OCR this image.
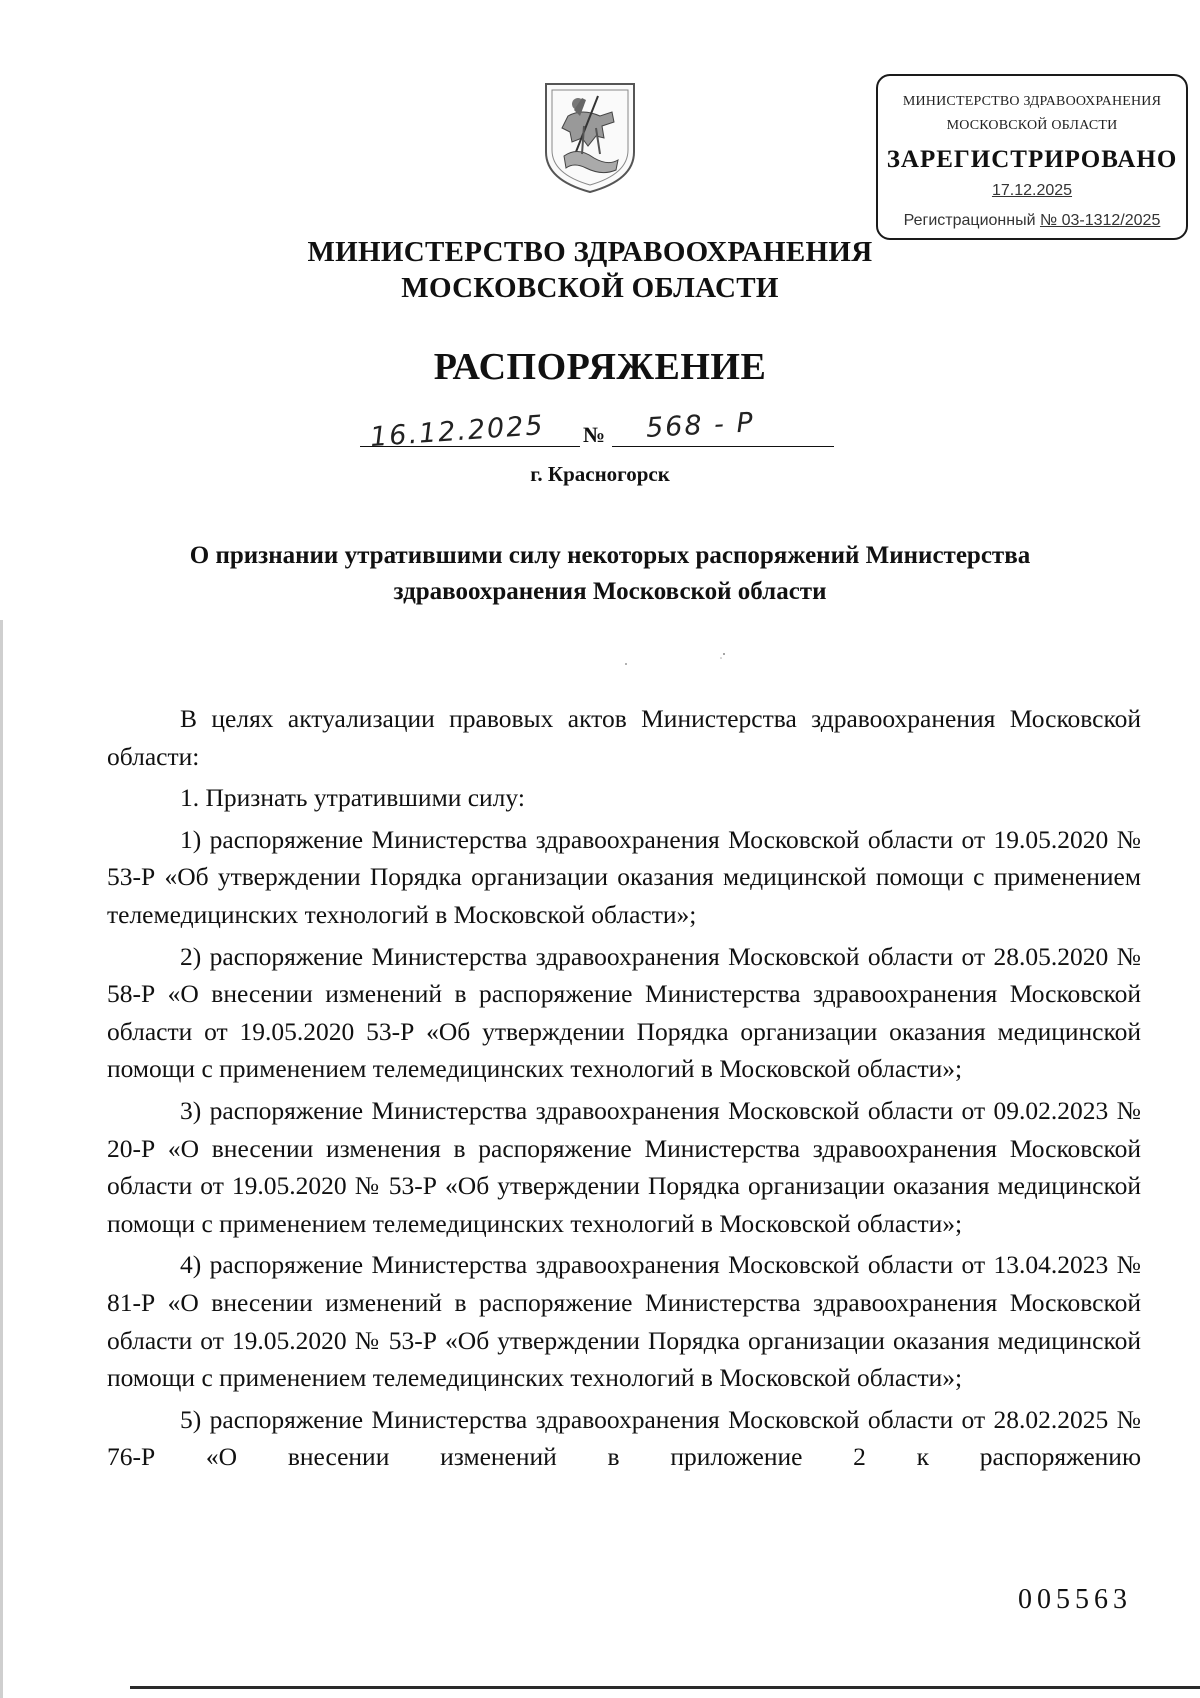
МИНИСТЕРСТВО ЗДРАВООХРАНЕНИЯ
МОСКОВСКОЙ ОБЛАСТИ
ЗАРЕГИСТРИРОВАНО
17.12.2025
Регистрационный № 03-1312/2025
МИНИСТЕРСТВО ЗДРАВООХРАНЕНИЯ
МОСКОВСКОЙ ОБЛАСТИ
РАСПОРЯЖЕНИЕ
16.12.2025 № 568 - Р
г. Красногорск
О признании утратившими силу некоторых распоряжений Министерства
здравоохранения Московской области

В целях актуализации правовых актов Министерства здравоохранения Московской области:

1. Признать утратившими силу:

1) распоряжение Министерства здравоохранения Московской области от 19.05.2020 № 53-Р «Об утверждении Порядка организации оказания медицинской помощи с применением телемедицинских технологий в Московской области»;

2) распоряжение Министерства здравоохранения Московской области от 28.05.2020 № 58-Р «О внесении изменений в распоряжение Министерства здравоохранения Московской области от 19.05.2020 53-Р «Об утверждении Порядка организации оказания медицинской помощи с применением телемедицинских технологий в Московской области»;

3) распоряжение Министерства здравоохранения Московской области от 09.02.2023 № 20-Р «О внесении изменения в распоряжение Министерства здравоохранения Московской области от 19.05.2020 № 53-Р «Об утверждении Порядка организации оказания медицинской помощи с применением телемедицинских технологий в Московской области»;

4) распоряжение Министерства здравоохранения Московской области от 13.04.2023 № 81-Р «О внесении изменений в распоряжение Министерства здравоохранения Московской области от 19.05.2020 № 53-Р «Об утверждении Порядка организации оказания медицинской помощи с применением телемедицинских технологий в Московской области»;

5) распоряжение Министерства здравоохранения Московской области от 28.02.2025 № 76-Р «О внесении изменений в приложение 2 к распоряжению

005563
